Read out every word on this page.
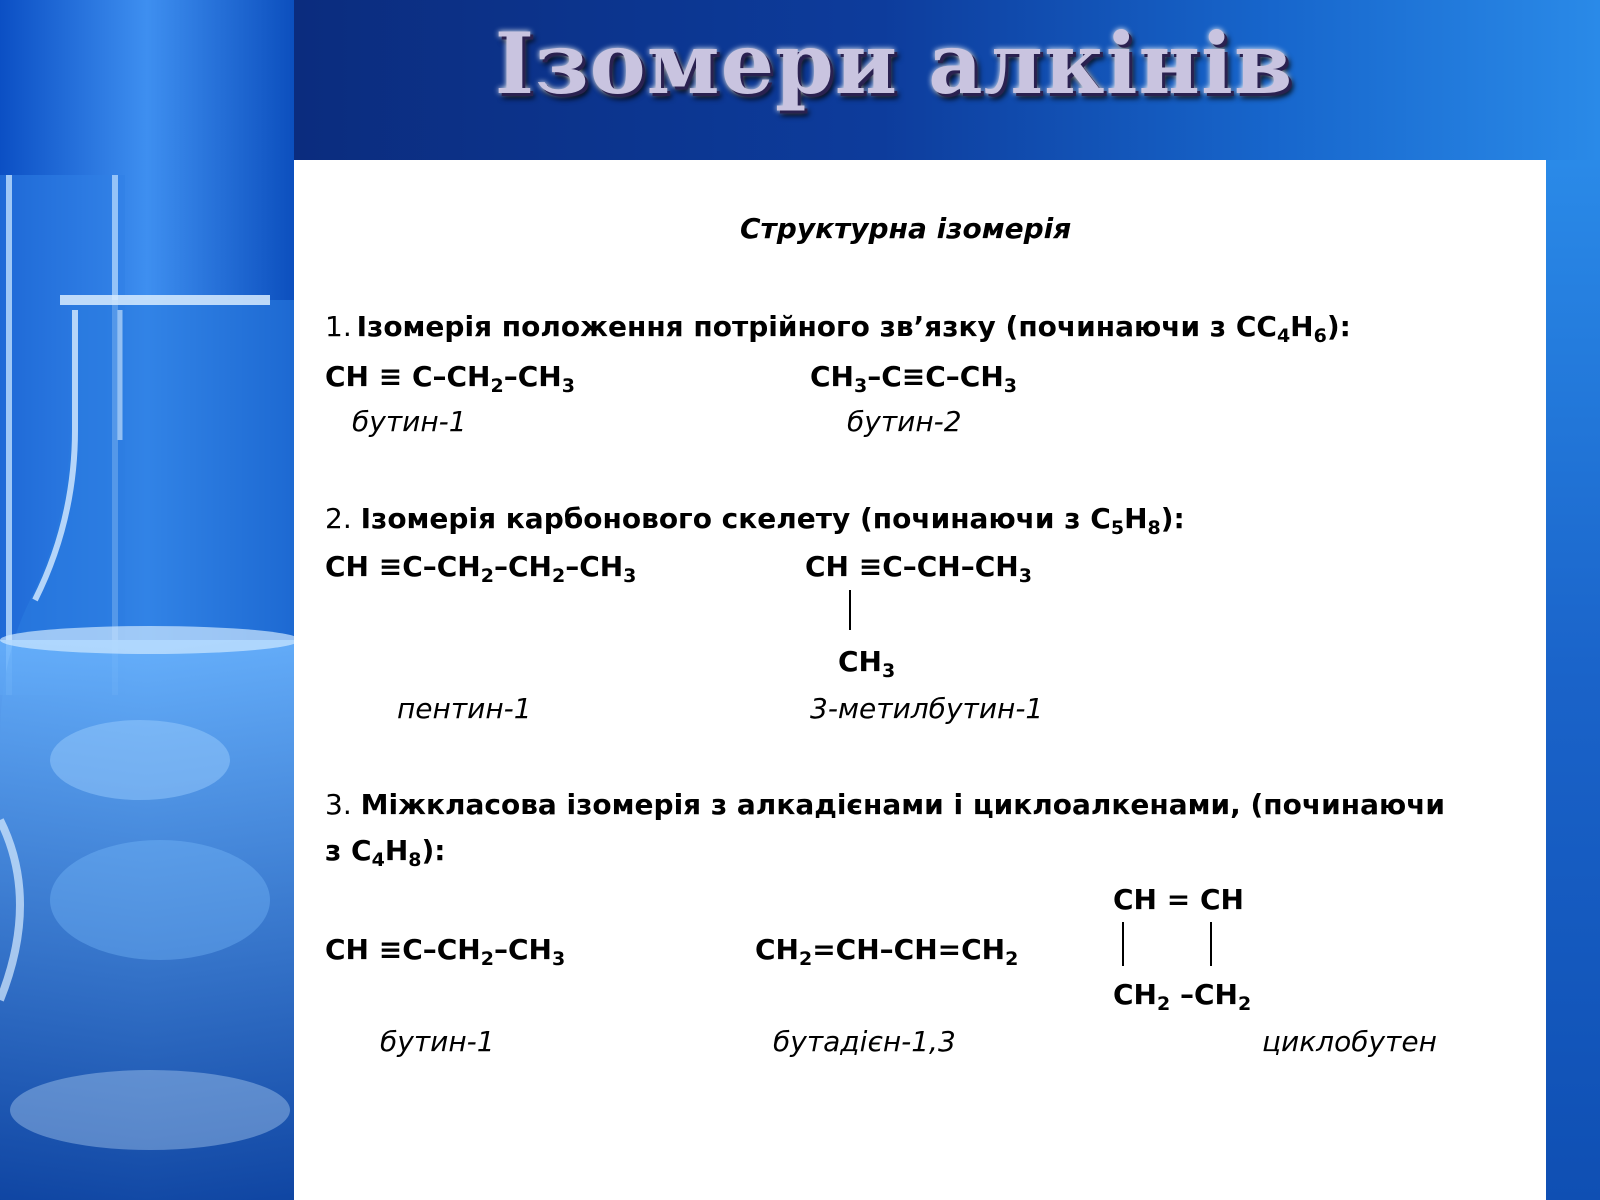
Ізомери алкінів
Структурна ізомерія
1. Ізомерія положення потрійного зв’язку (починаючи з $CC_4H_6$):
CH ≡ $C-CH_2-CH_3$	$CH_3-C\equiv C-CH_3$
бутин-1	бутин-2
2. Ізомерія карбонового скелету (починаючи з $C_5H_8$):
CH $\equiv C-CH_2-CH_2-CH_3$	CH $\equiv C-CH-CH_3$
$CH_3$
пентин-1	3-метилбутин-1
3. Міжкласова ізомерія з алкадієнами і циклоалкенами, (починаючи
з $C_4H_8$):
CH = CH
CH $\equiv C-CH_2-CH_3$	$CH_2=CH-CH=CH_2$
$CH_2$ $-CH_2$
бутин-1	бутадієн-1,3	циклобутен
